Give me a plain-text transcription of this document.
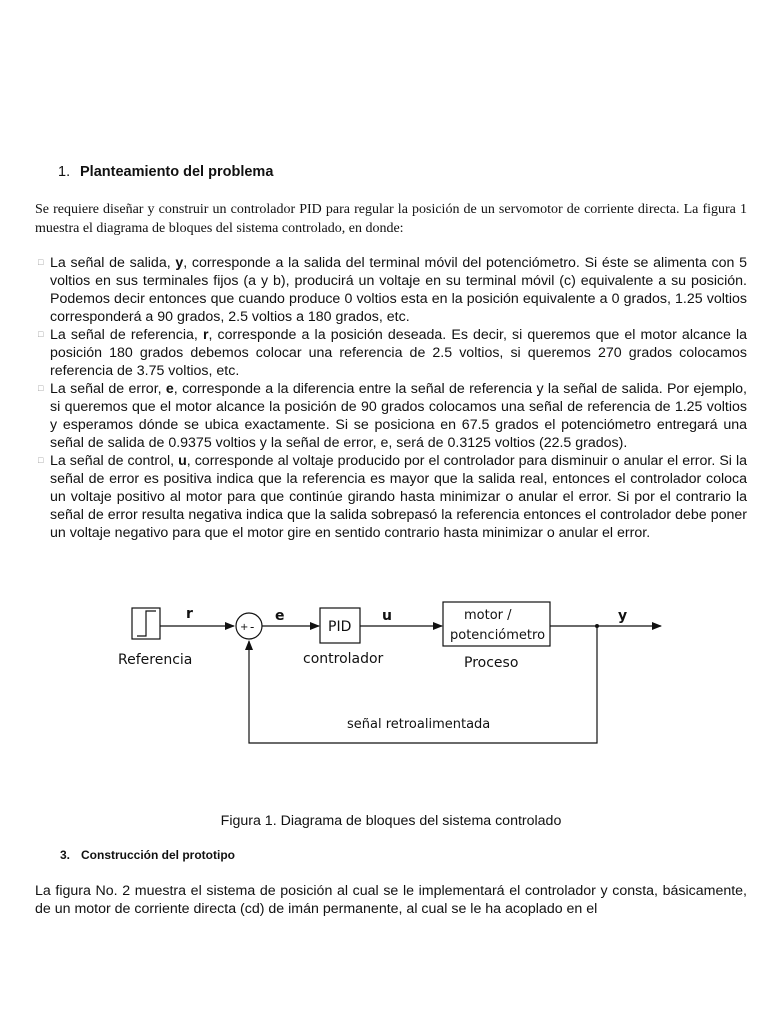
1. Planteamiento del problema

Se requiere diseñar y construir un controlador PID para regular la posición de un servomotor de corriente directa. La figura 1 muestra el diagrama de bloques del sistema controlado, en donde:

□ La señal de salida, y, corresponde a la salida del terminal móvil del potenciómetro. Si éste se alimenta con 5 voltios en sus terminales fijos (a y b), producirá un voltaje en su terminal móvil (c) equivalente a su posición. Podemos decir entonces que cuando produce 0 voltios esta en la posición equivalente a 0 grados, 1.25 voltios corresponderá a 90 grados, 2.5 voltios a 180 grados, etc.
□ La señal de referencia, r, corresponde a la posición deseada. Es decir, si queremos que el motor alcance la posición 180 grados debemos colocar una referencia de 2.5 voltios, si queremos 270 grados colocamos referencia de 3.75 voltios, etc.
□ La señal de error, e, corresponde a la diferencia entre la señal de referencia y la señal de salida. Por ejemplo, si queremos que el motor alcance la posición de 90 grados colocamos una señal de referencia de 1.25 voltios y esperamos dónde se ubica exactamente. Si se posiciona en 67.5 grados el potenciómetro entregará una señal de salida de 0.9375 voltios y la señal de error, e, será de 0.3125 voltios (22.5 grados).
□ La señal de control, u, corresponde al voltaje producido por el controlador para disminuir o anular el error. Si la señal de error es positiva indica que la referencia es mayor que la salida real, entonces el controlador coloca un voltaje positivo al motor para que continúe girando hasta minimizar o anular el error. Si por el contrario la señal de error resulta negativa indica que la salida sobrepasó la referencia entonces el controlador debe poner un voltaje negativo para que el motor gire en sentido contrario hasta minimizar o anular el error.
Referencia
r
+ -
e
PID
controlador
u	motor /
potenciómetro
Proceso
y
señal retroalimentada
Figura 1. Diagrama de bloques del sistema controlado
3. Construcción del prototipo

La figura No. 2 muestra el sistema de posición al cual se le implementará el controlador y consta, básicamente, de un motor de corriente directa (cd) de imán permanente, al cual se le ha acoplado en el
